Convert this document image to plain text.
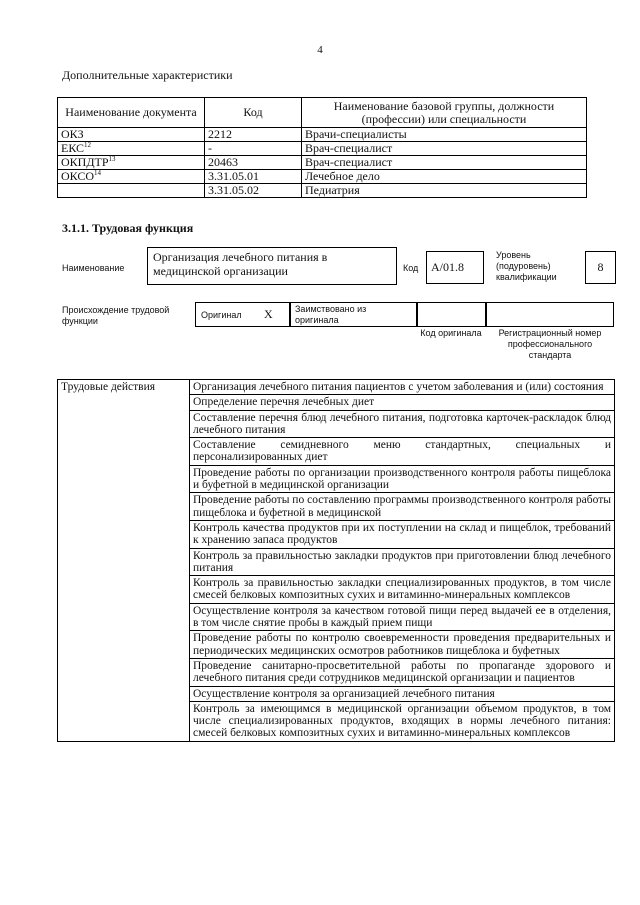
4
Дополнительные характеристики
Наименование документа	Код	Наименование базовой группы, должности (профессии) или специальности
ОКЗ	2212	Врачи-специалисты
ЕКС$^{12}$	-	Врач-специалист
ОКПДТР$^{13}$	20463	Врач-специалист
ОКСО$^{14}$	3.31.05.01	Лечебное дело
	3.31.05.02	Педиатрия
3.1.1. Трудовая функция
Наименование
Организация лечебного питания в медицинской организации	Код	A/01.8
Уровень (подуровень) квалификации
8
Происхождение трудовой функции
Оригинал X Заимствовано из оригинала
Код оригинала	Регистрационный номер профессионального стандарта
Трудовые действия	Организация лечебного питания пациентов с учетом заболевания и (или) состояния
Определение перечня лечебных диет
Составление перечня блюд лечебного питания, подготовка карточек-раскладок блюд лечебного питания
Составление семидневного меню стандартных, специальных и персонализированных диет
Проведение работы по организации производственного контроля работы пищеблока и буфетной в медицинской организации
Проведение работы по составлению программы производственного контроля работы пищеблока и буфетной в медицинской
Контроль качества продуктов при их поступлении на склад и пищеблок, требований к хранению запаса продуктов
Контроль за правильностью закладки продуктов при приготовлении блюд лечебного питания
Контроль за правильностью закладки специализированных продуктов, в том числе смесей белковых композитных сухих и витаминно-минеральных комплексов
Осуществление контроля за качеством готовой пищи перед выдачей ее в отделения, в том числе снятие пробы в каждый прием пищи
Проведение работы по контролю своевременности проведения предварительных и периодических медицинских осмотров работников пищеблока и буфетных
Проведение санитарно-просветительной работы по пропаганде здорового и лечебного питания среди сотрудников медицинской организации и пациентов
Осуществление контроля за организацией лечебного питания
Контроль за имеющимся в медицинской организации объемом продуктов, в том числе специализированных продуктов, входящих в нормы лечебного питания: смесей белковых композитных сухих и витаминно-минеральных комплексов
